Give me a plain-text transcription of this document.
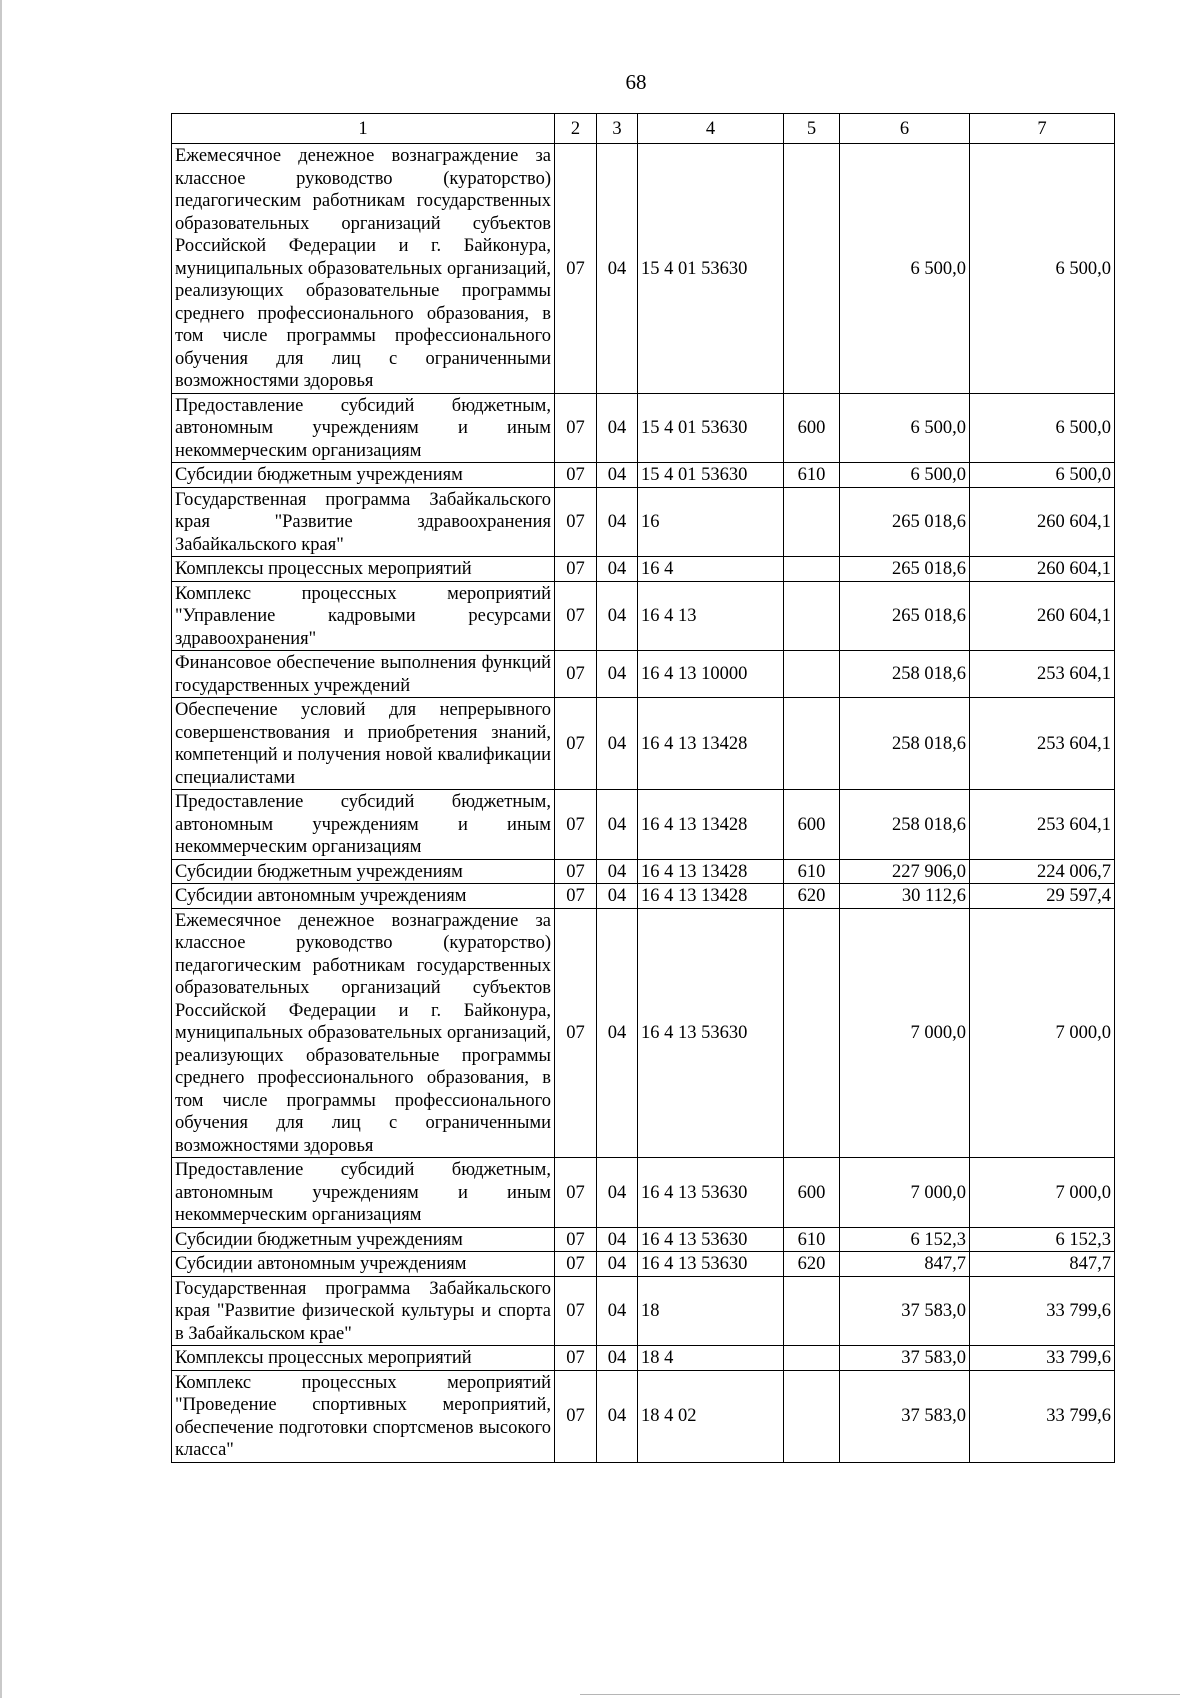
68
1	2	3	4	5	6	7
Ежемесячное денежное вознаграждение за классное руководство (кураторство) педагогическим работникам государственных образовательных организаций субъектов Российской Федерации и г. Байконура, муниципальных образовательных организаций, реализующих образовательные программы среднего профессионального образования, в том числе программы профессионального обучения для лиц с ограниченными возможностями здоровья	07	04	15 4 01 53630		6 500,0	6 500,0
Предоставление субсидий бюджетным, автономным учреждениям и иным некоммерческим организациям	07	04	15 4 01 53630	600	6 500,0	6 500,0
Субсидии бюджетным учреждениям	07	04	15 4 01 53630	610	6 500,0	6 500,0
Государственная программа Забайкальского края "Развитие здравоохранения Забайкальского края"	07	04	16		265 018,6	260 604,1
Комплексы процессных мероприятий	07	04	16 4		265 018,6	260 604,1
Комплекс процессных мероприятий "Управление кадровыми ресурсами здравоохранения"	07	04	16 4 13		265 018,6	260 604,1
Финансовое обеспечение выполнения функций государственных учреждений	07	04	16 4 13 10000		258 018,6	253 604,1
Обеспечение условий для непрерывного совершенствования и приобретения знаний, компетенций и получения новой квалификации специалистами	07	04	16 4 13 13428		258 018,6	253 604,1
Предоставление субсидий бюджетным, автономным учреждениям и иным некоммерческим организациям	07	04	16 4 13 13428	600	258 018,6	253 604,1
Субсидии бюджетным учреждениям	07	04	16 4 13 13428	610	227 906,0	224 006,7
Субсидии автономным учреждениям	07	04	16 4 13 13428	620	30 112,6	29 597,4
Ежемесячное денежное вознаграждение за классное руководство (кураторство) педагогическим работникам государственных образовательных организаций субъектов Российской Федерации и г. Байконура, муниципальных образовательных организаций, реализующих образовательные программы среднего профессионального образования, в том числе программы профессионального обучения для лиц с ограниченными возможностями здоровья	07	04	16 4 13 53630		7 000,0	7 000,0
Предоставление субсидий бюджетным, автономным учреждениям и иным некоммерческим организациям	07	04	16 4 13 53630	600	7 000,0	7 000,0
Субсидии бюджетным учреждениям	07	04	16 4 13 53630	610	6 152,3	6 152,3
Субсидии автономным учреждениям	07	04	16 4 13 53630	620	847,7	847,7
Государственная программа Забайкальского края "Развитие физической культуры и спорта в Забайкальском крае"	07	04	18		37 583,0	33 799,6
Комплексы процессных мероприятий	07	04	18 4		37 583,0	33 799,6
Комплекс процессных мероприятий "Проведение спортивных мероприятий, обеспечение подготовки спортсменов высокого класса"	07	04	18 4 02		37 583,0	33 799,6
